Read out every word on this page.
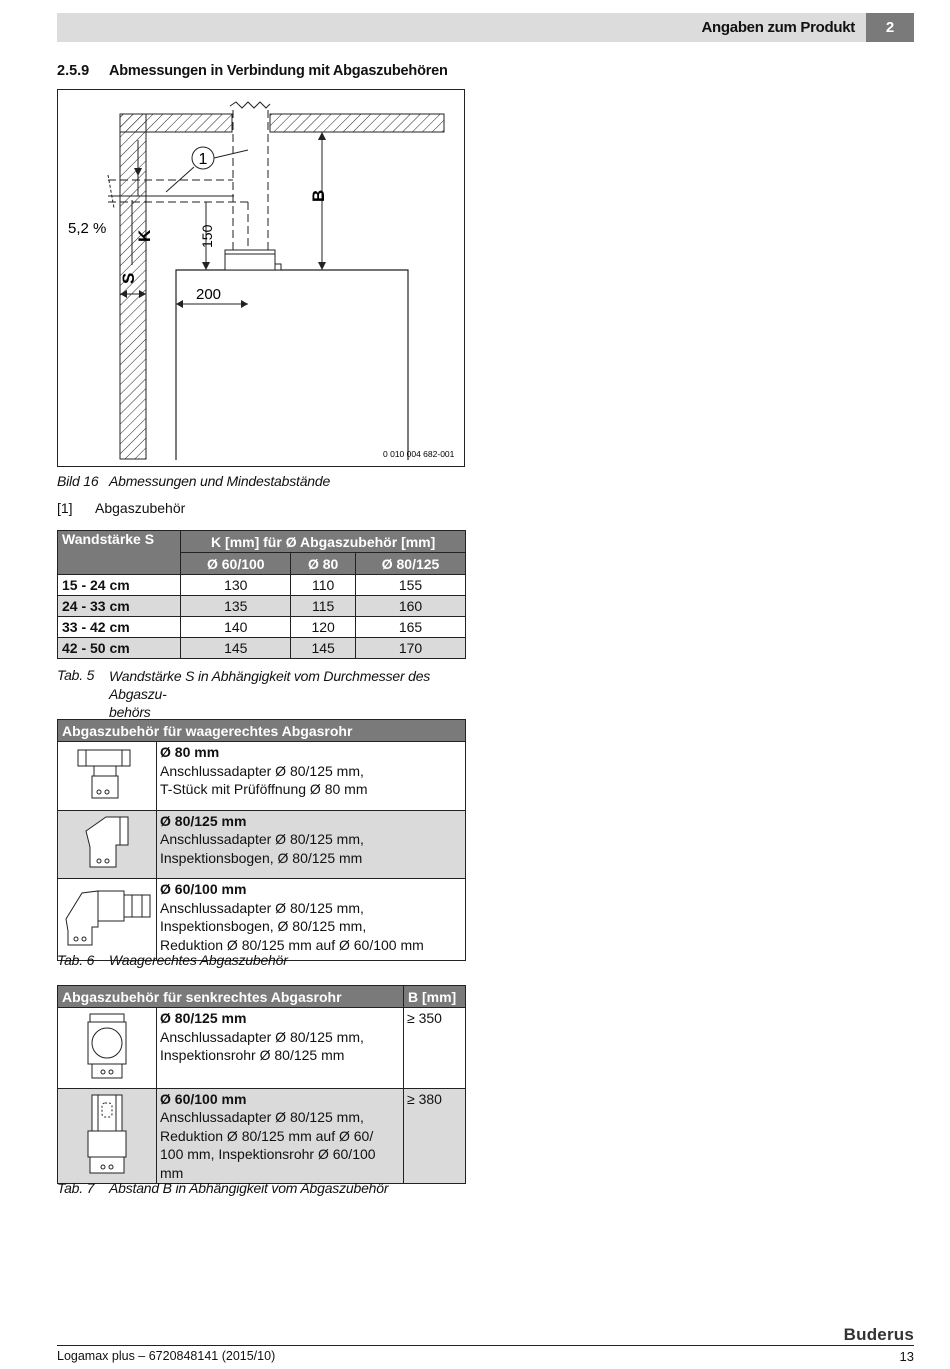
Angaben zum Produkt	2
2.5.9 Abmessungen in Verbindung mit Abgaszubehören
1
K
5,2 %
S
150
200
B
0 010 004 682-001
Bild 16 Abmessungen und Mindestabstände
[1] Abgaszubehör
Wandstärke S	K [mm] für Ø Abgaszubehör [mm]		
	Ø 60/100	Ø 80	Ø 80/125
15 - 24 cm	130	110	155
24 - 33 cm	135	115	160
33 - 42 cm	140	120	165
42 - 50 cm	145	145	170
Tab. 5 Wandstärke S in Abhängigkeit vom Durchmesser des Abgaszu-
behörs
Abgaszubehör für waagerechtes Abgasrohr	

Ø 80 mm
Anschlussadapter Ø 80/125 mm,
T-Stück mit Prüföffnung Ø 80 mm

Ø 80/125 mm
Anschlussadapter Ø 80/125 mm,
Inspektionsbogen, Ø 80/125 mm

Ø 60/100 mm
Anschlussadapter Ø 80/125 mm,
Inspektionsbogen, Ø 80/125 mm,
Reduktion Ø 80/125 mm auf Ø 60/100 mm
Tab. 6 Waagerechtes Abgaszubehör
Abgaszubehör für senkrechtes Abgasrohr		B [mm]

Ø 80/125 mm
Anschlussadapter Ø 80/125 mm,
Inspektionsrohr Ø 80/125 mm	≥ 350

Ø 60/100 mm
Anschlussadapter Ø 80/125 mm,
Reduktion Ø 80/125 mm auf Ø 60/
100 mm, Inspektionsrohr Ø 60/100 mm	≥ 380
Tab. 7 Abstand B in Abhängigkeit vom Abgaszubehör
Buderus
Logamax plus – 6720848141 (2015/10)	13
